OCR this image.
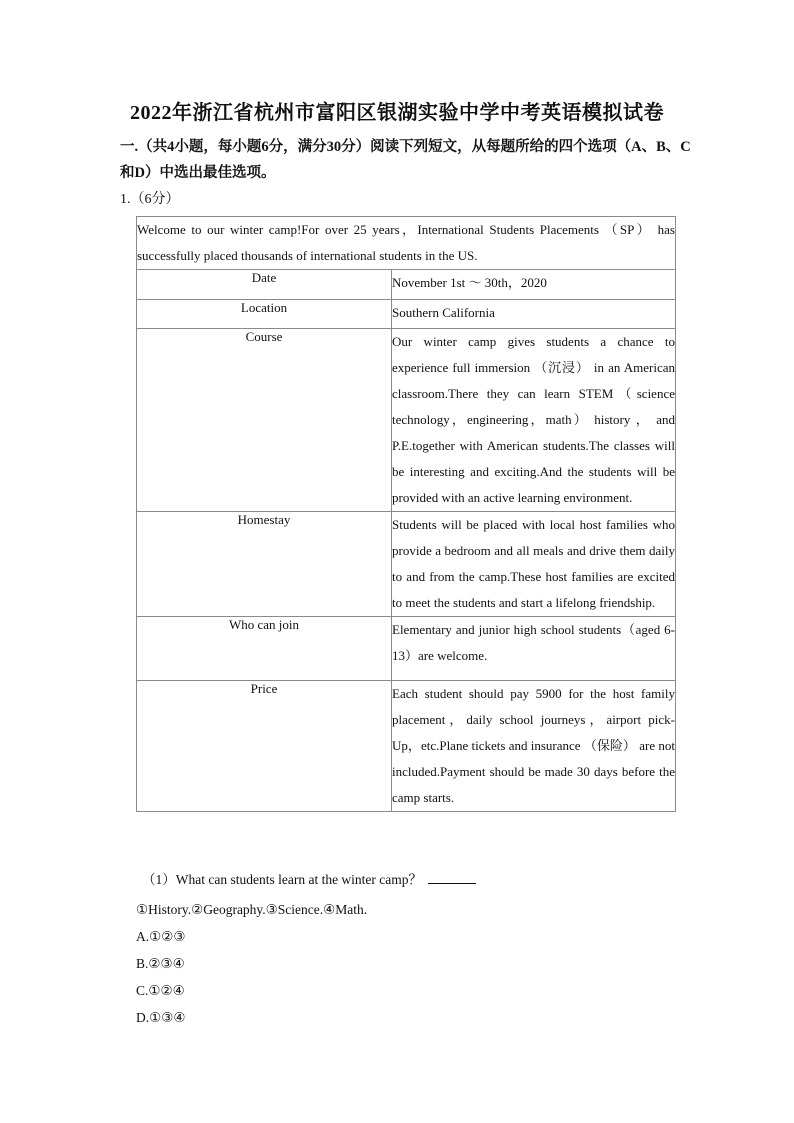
2022年浙江省杭州市富阳区银湖实验中学中考英语模拟试卷
一.（共4小题，每小题6分，满分30分）阅读下列短文，从每题所给的四个选项（A、B、C和D）中选出最佳选项。
1.（6分）
Welcome to our winter camp!For over 25 years，International Students Placements （SP） has successfully placed thousands of international students in the US.	
Date	November 1st ～ 30th，2020
Location	Southern California
Course	Our winter camp gives students a chance to experience full immersion （沉浸） in an American classroom.There they can learn STEM（science technology，engineering，math） history ， and P.E.together with American students.The classes will be interesting and exciting.And the students will be provided with an active learning environment.
Homestay	Students will be placed with local host families who provide a bedroom and all meals and drive them daily to and from the camp.These host families are excited to meet the students and start a lifelong friendship.
Who can join	Elementary and junior high school students（aged 6-13）are welcome.
Price	Each student should pay 5900 for the host family placement，daily school journeys，airport pick-Up，etc.Plane tickets and insurance （保险） are not included.Payment should be made 30 days before the camp starts.
（1）What can students learn at the winter camp？
①History.②Geography.③Science.④Math.
A.①②③
B.②③④
C.①②④
D.①③④
